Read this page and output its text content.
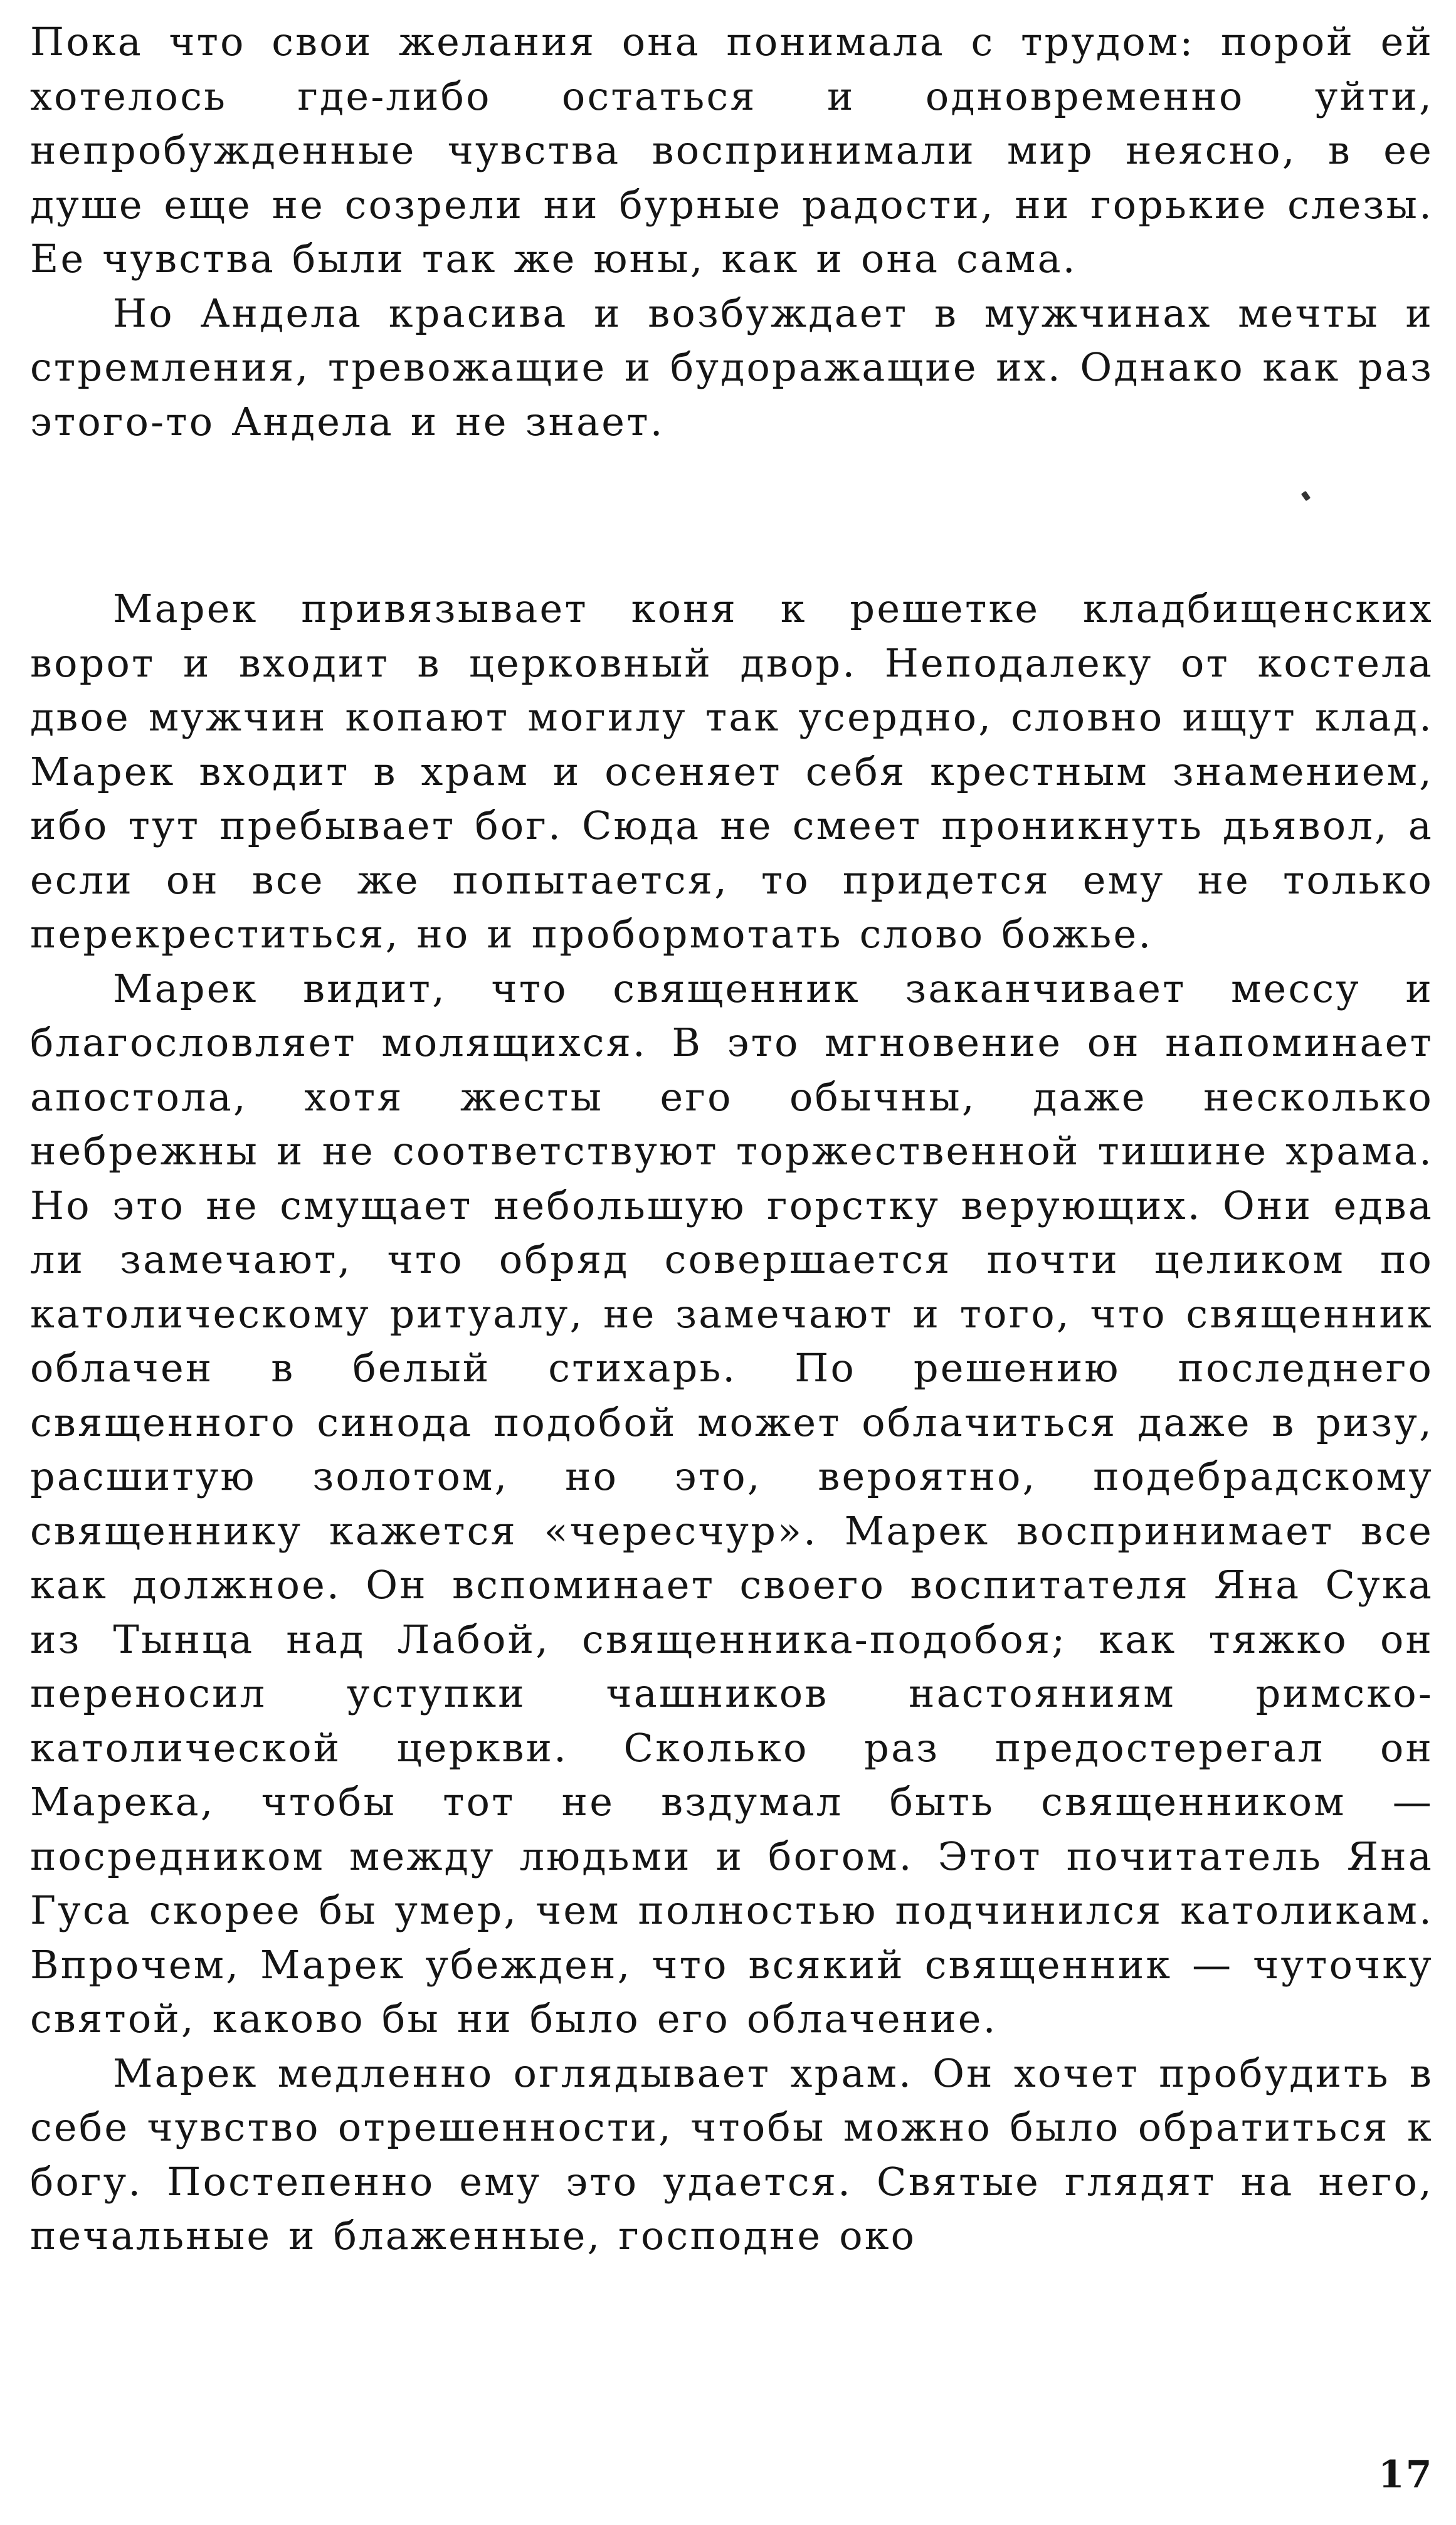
Пока что свои желания она понимала с трудом: порой ей хотелось где-либо остаться и одновременно уйти, непробужденные чувства воспринимали мир неясно, в ее душе еще не созрели ни бурные радости, ни горькие слезы. Ее чувства были так же юны, как и она сама.

Но Андела красива и возбуждает в мужчинах мечты и стремления, тревожащие и будоражащие их. Однако как раз этого-то Андела и не знает.

Марек привязывает коня к решетке кладбищенских ворот и входит в церковный двор. Неподалеку от костела двое мужчин копают могилу так усердно, словно ищут клад. Марек входит в храм и осеняет себя крестным знамением, ибо тут пребывает бог. Сюда не смеет проникнуть дьявол, а если он все же попытается, то придется ему не только перекреститься, но и пробормотать слово божье.

Марек видит, что священник заканчивает мессу и благословляет молящихся. В это мгновение он напоминает апостола, хотя жесты его обычны, даже несколько небрежны и не соответствуют торжественной тишине храма. Но это не смущает небольшую горстку верующих. Они едва ли замечают, что обряд совершается почти целиком по католическому ритуалу, не замечают и того, что священник облачен в белый стихарь. По решению последнего священного синода подобой может облачиться даже в ризу, расшитую золотом, но это, вероятно, подебрадскому священнику кажется «чересчур». Марек воспринимает все как должное. Он вспоминает своего воспитателя Яна Сука из Тынца над Лабой, священника-подобоя; как тяжко он переносил уступки чашников настояниям римско-католической церкви. Сколько раз предостерегал он Марека, чтобы тот не вздумал быть священником — посредником между людьми и богом. Этот почитатель Яна Гуса скорее бы умер, чем полностью подчинился католикам. Впрочем, Марек убежден, что всякий священник — чуточку святой, каково бы ни было его облачение.

Марек медленно оглядывает храм. Он хочет пробудить в себе чувство отрешенности, чтобы можно было обратиться к богу. Постепенно ему это удается. Святые глядят на него, печальные и блаженные, господне око

17
